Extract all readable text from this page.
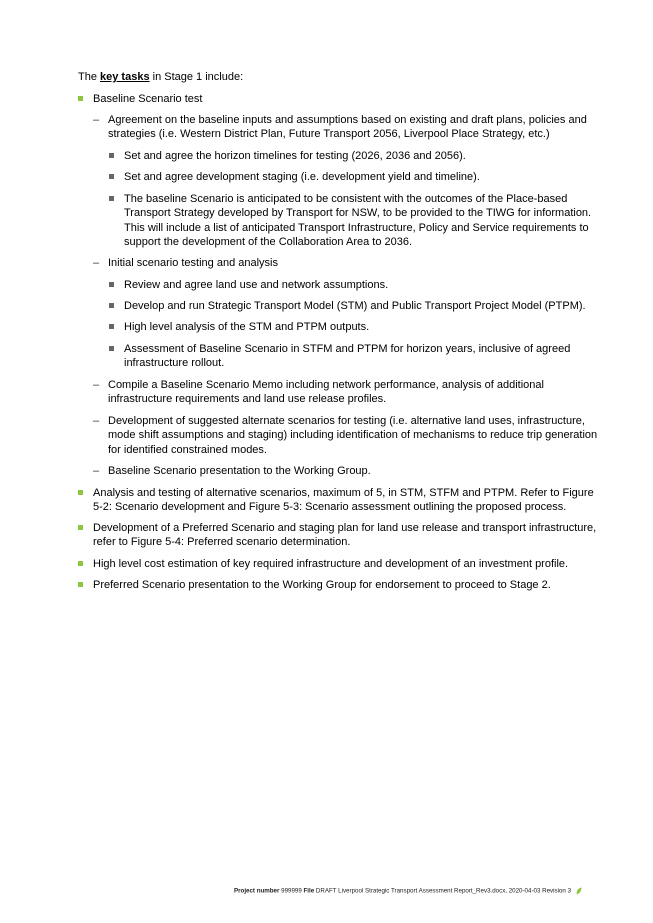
The key tasks in Stage 1 include:
Baseline Scenario test
– Agreement on the baseline inputs and assumptions based on existing and draft plans, policies and strategies (i.e. Western District Plan, Future Transport 2056, Liverpool Place Strategy, etc.)
Set and agree the horizon timelines for testing (2026, 2036 and 2056).
Set and agree development staging (i.e. development yield and timeline).
The baseline Scenario is anticipated to be consistent with the outcomes of the Place-based Transport Strategy developed by Transport for NSW, to be provided to the TIWG for information. This will include a list of anticipated Transport Infrastructure, Policy and Service requirements to support the development of the Collaboration Area to 2036.
– Initial scenario testing and analysis
Review and agree land use and network assumptions.
Develop and run Strategic Transport Model (STM) and Public Transport Project Model (PTPM).
High level analysis of the STM and PTPM outputs.
Assessment of Baseline Scenario in STFM and PTPM for horizon years, inclusive of agreed infrastructure rollout.
– Compile a Baseline Scenario Memo including network performance, analysis of additional infrastructure requirements and land use release profiles.
– Development of suggested alternate scenarios for testing (i.e. alternative land uses, infrastructure, mode shift assumptions and staging) including identification of mechanisms to reduce trip generation for identified constrained modes.
– Baseline Scenario presentation to the Working Group.
Analysis and testing of alternative scenarios, maximum of 5, in STM, STFM and PTPM. Refer to Figure 5-2: Scenario development and Figure 5-3: Scenario assessment outlining the proposed process.
Development of a Preferred Scenario and staging plan for land use release and transport infrastructure, refer to Figure 5-4: Preferred scenario determination.
High level cost estimation of key required infrastructure and development of an investment profile.
Preferred Scenario presentation to the Working Group for endorsement to proceed to Stage 2.
Project number 999999 File DRAFT Liverpool Strategic Transport Assessment Report_Rev3.docx, 2020-04-03 Revision 3
